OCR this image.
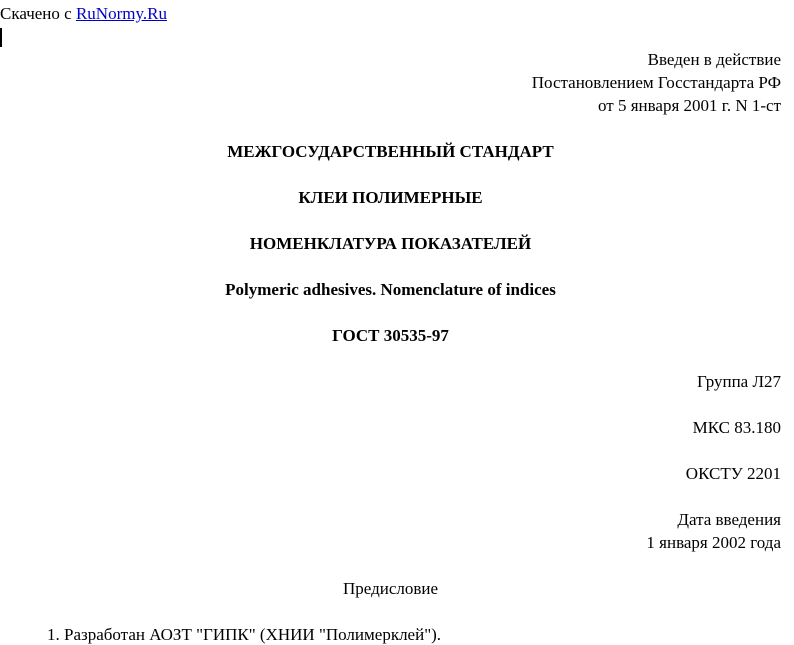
Скачено с RuNormy.Ru
Введен в действие
Постановлением Госстандарта РФ
от 5 января 2001 г. N 1-ст
МЕЖГОСУДАРСТВЕННЫЙ СТАНДАРТ
КЛЕИ ПОЛИМЕРНЫЕ
НОМЕНКЛАТУРА ПОКАЗАТЕЛЕЙ
Polymeric adhesives. Nomenclature of indices
ГОСТ 30535-97
Группа Л27
МКС 83.180
ОКСТУ 2201
Дата введения
1 января 2002 года
Предисловие
1. Разработан АОЗТ "ГИПК" (ХНИИ "Полимерклей").
